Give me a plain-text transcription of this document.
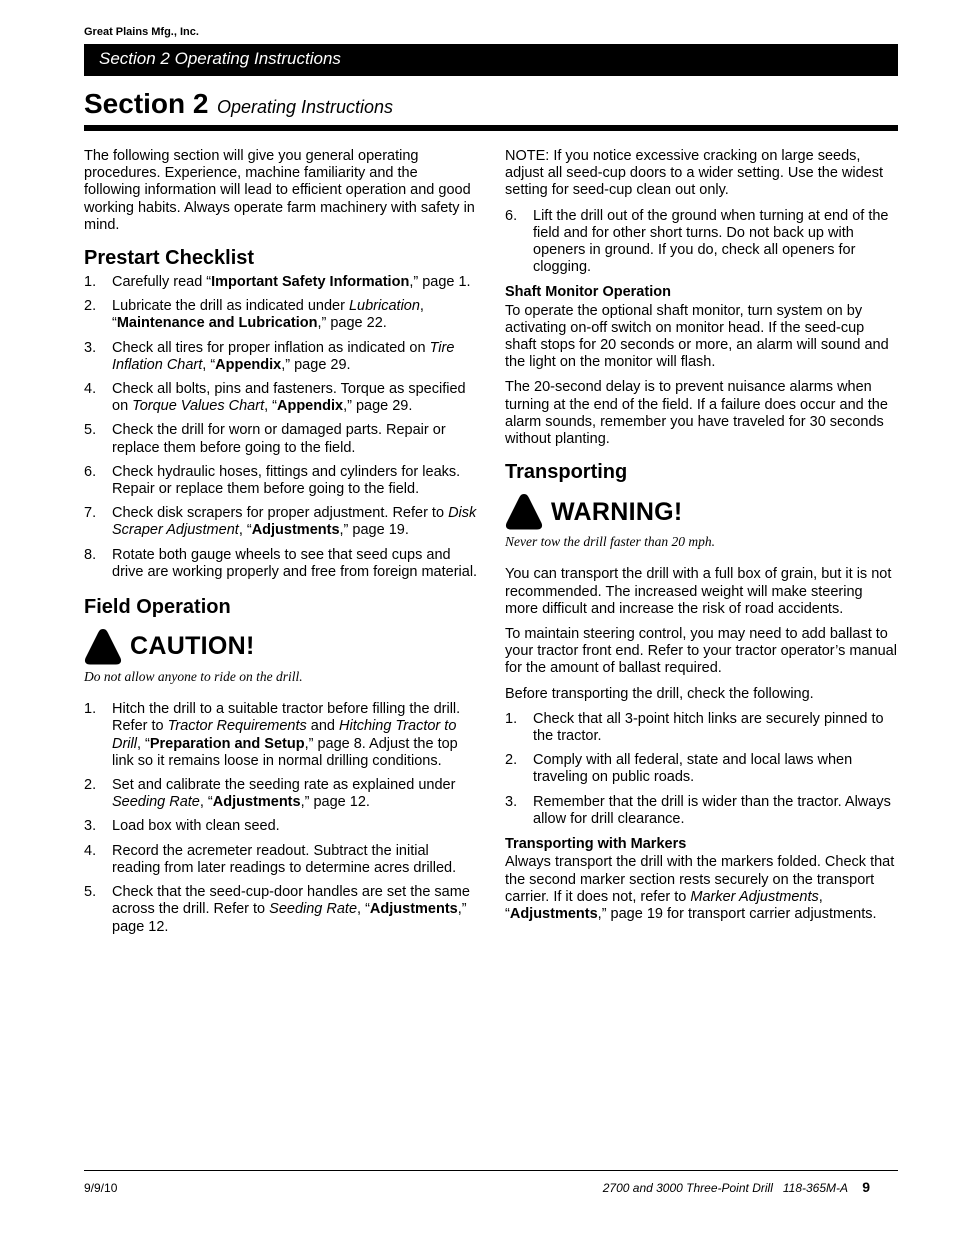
Great Plains Mfg., Inc.
Section 2 Operating Instructions
Section 2 Operating Instructions

The following section will give you general operating procedures. Experience, machine familiarity and the following information will lead to efficient operation and good working habits. Always operate farm machinery with safety in mind.

Prestart Checklist
1. Carefully read “Important Safety Information,” page 1.
2. Lubricate the drill as indicated under Lubrication, “Maintenance and Lubrication,” page 22.
3. Check all tires for proper inflation as indicated on Tire Inflation Chart, “Appendix,” page 29.
4. Check all bolts, pins and fasteners. Torque as specified on Torque Values Chart, “Appendix,” page 29.
5. Check the drill for worn or damaged parts. Repair or replace them before going to the field.
6. Check hydraulic hoses, fittings and cylinders for leaks. Repair or replace them before going to the field.
7. Check disk scrapers for proper adjustment. Refer to Disk Scraper Adjustment, “Adjustments,” page 19.
8. Rotate both gauge wheels to see that seed cups and drive are working properly and free from foreign material.
Field Operation
CAUTION!
Do not allow anyone to ride on the drill.
1. Hitch the drill to a suitable tractor before filling the drill. Refer to Tractor Requirements and Hitching Tractor to Drill, “Preparation and Setup,” page 8. Adjust the top link so it remains loose in normal drilling conditions.
2. Set and calibrate the seeding rate as explained under Seeding Rate, “Adjustments,” page 12.
3. Load box with clean seed.
4. Record the acremeter readout. Subtract the initial reading from later readings to determine acres drilled.
5. Check that the seed-cup-door handles are set the same across the drill. Refer to Seeding Rate, “Adjustments,” page 12.

NOTE: If you notice excessive cracking on large seeds, adjust all seed-cup doors to a wider setting. Use the widest setting for seed-cup clean out only.

6. Lift the drill out of the ground when turning at end of the field and for other short turns. Do not back up with openers in ground. If you do, check all openers for clogging.
Shaft Monitor Operation

To operate the optional shaft monitor, turn system on by activating on-off switch on monitor head. If the seed-cup shaft stops for 20 seconds or more, an alarm will sound and the light on the monitor will flash.

The 20-second delay is to prevent nuisance alarms when turning at the end of the field. If a failure does occur and the alarm sounds, remember you have traveled for 30 seconds without planting.

Transporting
WARNING!
Never tow the drill faster than 20 mph.

You can transport the drill with a full box of grain, but it is not recommended. The increased weight will make steering more difficult and increase the risk of road accidents.

To maintain steering control, you may need to add ballast to your tractor front end. Refer to your tractor operator’s manual for the amount of ballast required.

Before transporting the drill, check the following.

1. Check that all 3-point hitch links are securely pinned to the tractor.
2. Comply with all federal, state and local laws when traveling on public roads.
3. Remember that the drill is wider than the tractor. Always allow for drill clearance.
Transporting with Markers

Always transport the drill with the markers folded. Check that the second marker section rests securely on the transport carrier. If it does not, refer to Marker Adjustments, “Adjustments,” page 19 for transport carrier adjustments.

9/9/10	2700 and 3000 Three-Point Drill   118-365M-A 9
